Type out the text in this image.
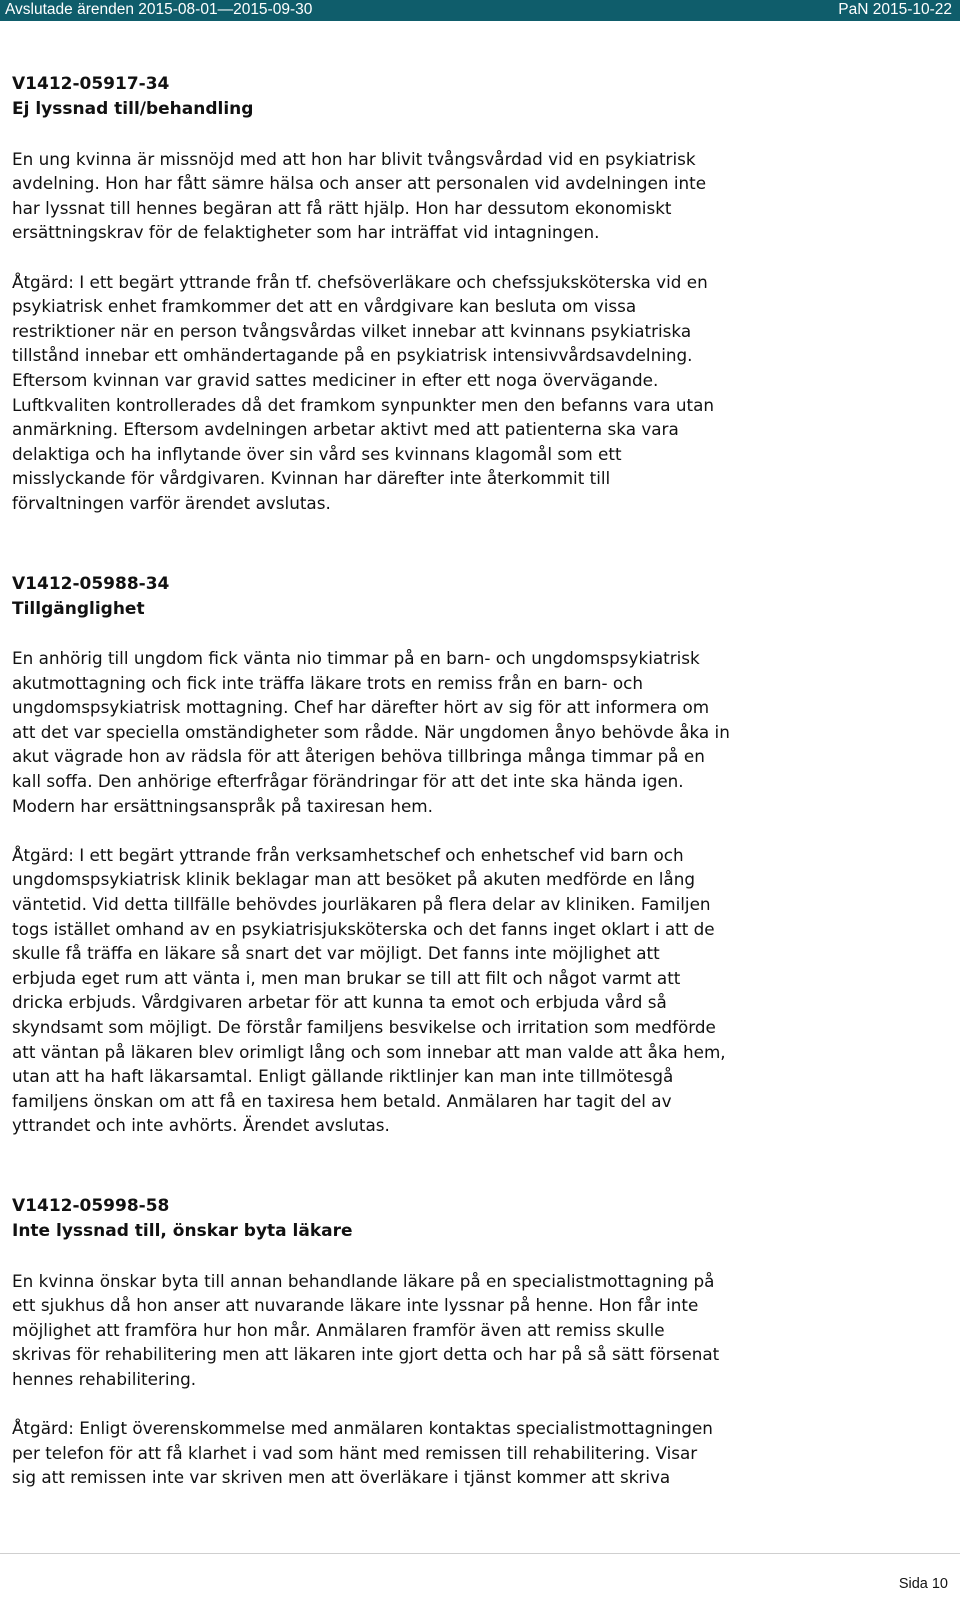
Avslutade ärenden 2015-08-01—2015-09-30	PaN 2015-10-22
V1412-05917-34
Ej lyssnad till/behandling

En ung kvinna är missnöjd med att hon har blivit tvångsvårdad vid en psykiatrisk
avdelning. Hon har fått sämre hälsa och anser att personalen vid avdelningen inte
har lyssnat till hennes begäran att få rätt hjälp. Hon har dessutom ekonomiskt
ersättningskrav för de felaktigheter som har inträffat vid intagningen.

Åtgärd: I ett begärt yttrande från tf. chefsöverläkare och chefssjuksköterska vid en
psykiatrisk enhet framkommer det att en vårdgivare kan besluta om vissa
restriktioner när en person tvångsvårdas vilket innebar att kvinnans psykiatriska
tillstånd innebar ett omhändertagande på en psykiatrisk intensivvårdsavdelning.
Eftersom kvinnan var gravid sattes mediciner in efter ett noga övervägande.
Luftkvaliten kontrollerades då det framkom synpunkter men den befanns vara utan
anmärkning. Eftersom avdelningen arbetar aktivt med att patienterna ska vara
delaktiga och ha inflytande över sin vård ses kvinnans klagomål som ett
misslyckande för vårdgivaren. Kvinnan har därefter inte återkommit till
förvaltningen varför ärendet avslutas.

V1412-05988-34
Tillgänglighet

En anhörig till ungdom fick vänta nio timmar på en barn- och ungdomspsykiatrisk
akutmottagning och fick inte träffa läkare trots en remiss från en barn- och
ungdomspsykiatrisk mottagning. Chef har därefter hört av sig för att informera om
att det var speciella omständigheter som rådde. När ungdomen ånyo behövde åka in
akut vägrade hon av rädsla för att återigen behöva tillbringa många timmar på en
kall soffa. Den anhörige efterfrågar förändringar för att det inte ska hända igen.
Modern har ersättningsanspråk på taxiresan hem.

Åtgärd: I ett begärt yttrande från verksamhetschef och enhetschef vid barn och
ungdomspsykiatrisk klinik beklagar man att besöket på akuten medförde en lång
väntetid. Vid detta tillfälle behövdes jourläkaren på flera delar av kliniken. Familjen
togs istället omhand av en psykiatrisjuksköterska och det fanns inget oklart i att de
skulle få träffa en läkare så snart det var möjligt. Det fanns inte möjlighet att
erbjuda eget rum att vänta i, men man brukar se till att filt och något varmt att
dricka erbjuds. Vårdgivaren arbetar för att kunna ta emot och erbjuda vård så
skyndsamt som möjligt. De förstår familjens besvikelse och irritation som medförde
att väntan på läkaren blev orimligt lång och som innebar att man valde att åka hem,
utan att ha haft läkarsamtal. Enligt gällande riktlinjer kan man inte tillmötesgå
familjens önskan om att få en taxiresa hem betald. Anmälaren har tagit del av
yttrandet och inte avhörts. Ärendet avslutas.

V1412-05998-58
Inte lyssnad till, önskar byta läkare

En kvinna önskar byta till annan behandlande läkare på en specialistmottagning på
ett sjukhus då hon anser att nuvarande läkare inte lyssnar på henne. Hon får inte
möjlighet att framföra hur hon mår. Anmälaren framför även att remiss skulle
skrivas för rehabilitering men att läkaren inte gjort detta och har på så sätt försenat
hennes rehabilitering.

Åtgärd: Enligt överenskommelse med anmälaren kontaktas specialistmottagningen
per telefon för att få klarhet i vad som hänt med remissen till rehabilitering. Visar
sig att remissen inte var skriven men att överläkare i tjänst kommer att skriva

Sida 10
